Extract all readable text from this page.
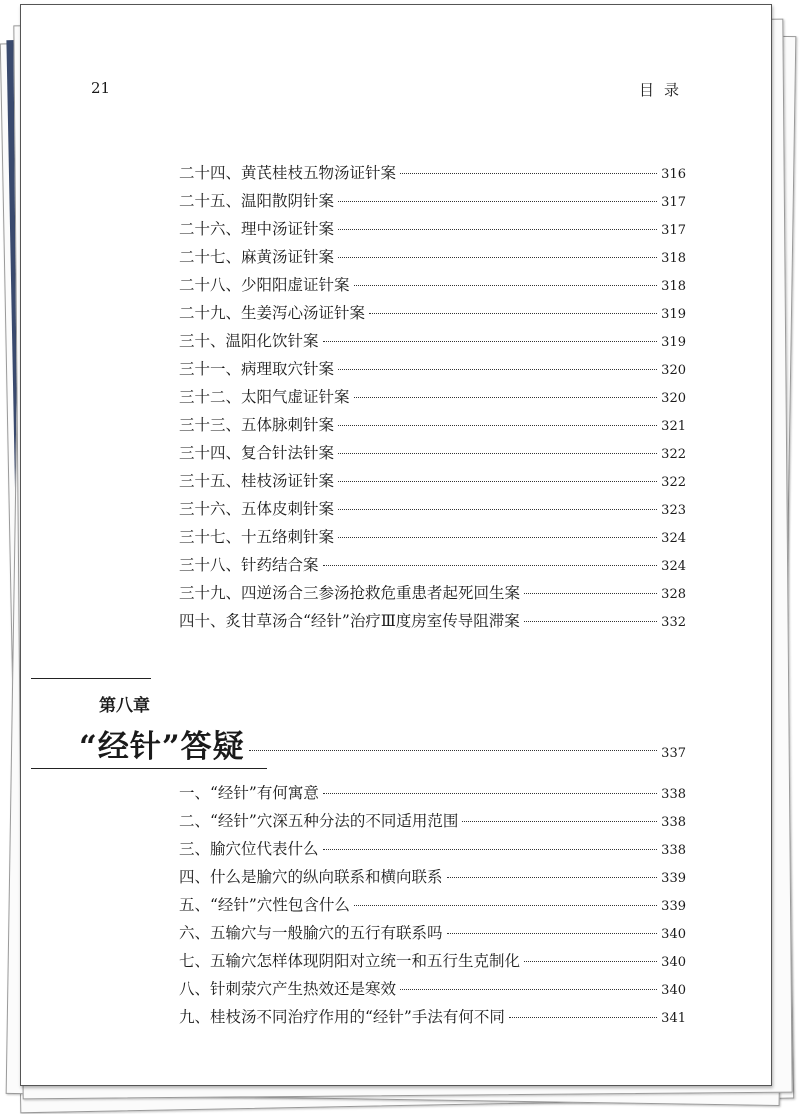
21	目录
二十四、黄芪桂枝五物汤证针案	316
二十五、温阳散阴针案	317
二十六、理中汤证针案	317
二十七、麻黄汤证针案	318
二十八、少阳阳虚证针案	318
二十九、生姜泻心汤证针案	319
三十、温阳化饮针案	319
三十一、病理取穴针案	320
三十二、太阳气虚证针案	320
三十三、五体脉刺针案	321
三十四、复合针法针案	322
三十五、桂枝汤证针案	322
三十六、五体皮刺针案	323
三十七、十五络刺针案	324
三十八、针药结合案	324
三十九、四逆汤合三参汤抢救危重患者起死回生案	328
四十、炙甘草汤合“经针”治疗Ⅲ度房室传导阻滞案	332
第八章
“经针”答疑	337
一、“经针”有何寓意	338
二、“经针”穴深五种分法的不同适用范围	338
三、腧穴位代表什么	338
四、什么是腧穴的纵向联系和横向联系	339
五、“经针”穴性包含什么	339
六、五输穴与一般腧穴的五行有联系吗	340
七、五输穴怎样体现阴阳对立统一和五行生克制化	340
八、针刺荥穴产生热效还是寒效	340
九、桂枝汤不同治疗作用的“经针”手法有何不同	341
